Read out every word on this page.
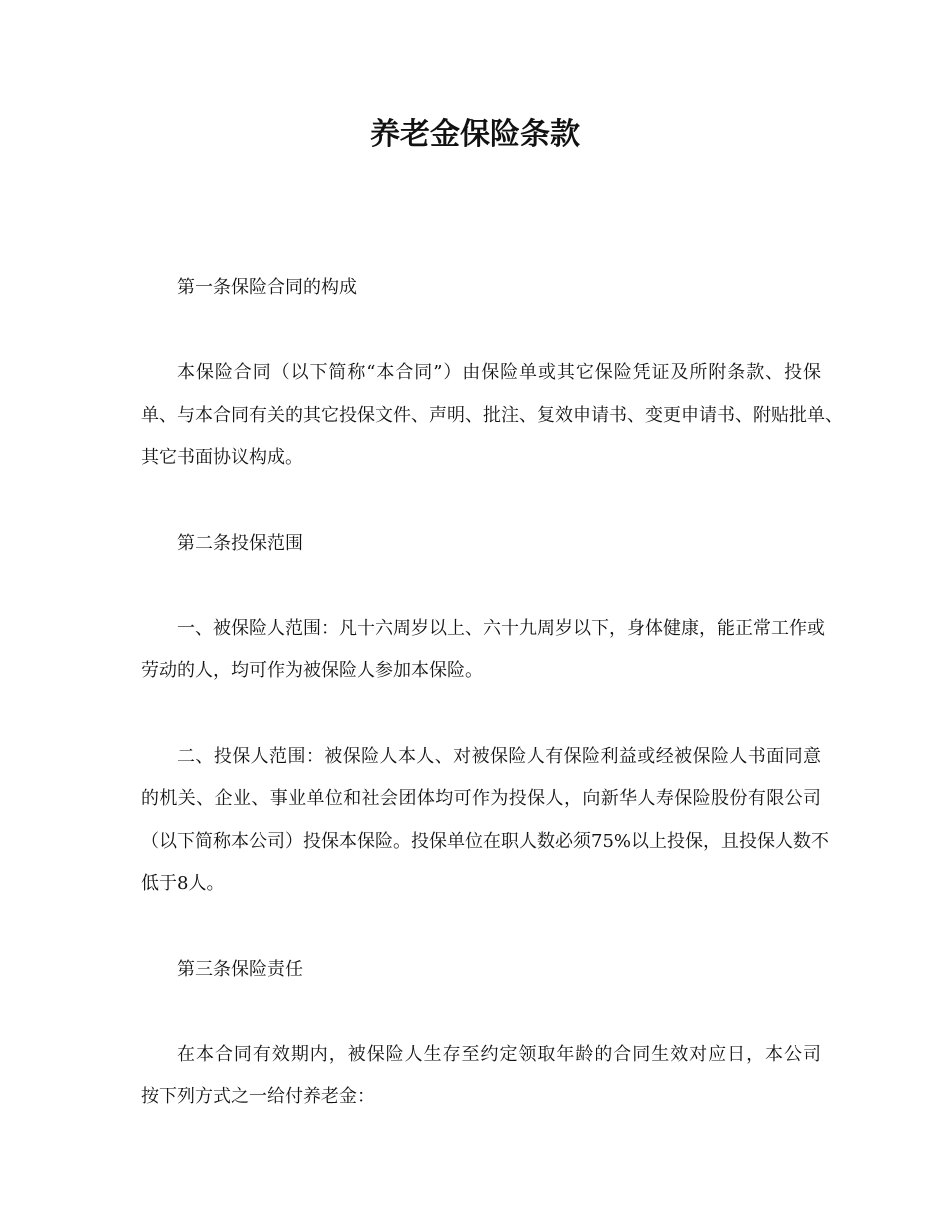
养老金保险条款
第一条保险合同的构成
本保险合同（以下简称“本合同”）由保险单或其它保险凭证及所附条款、投保
单、与本合同有关的其它投保文件、声明、批注、复效申请书、变更申请书、附贴批单、
其它书面协议构成。
第二条投保范围
一、被保险人范围：凡十六周岁以上、六十九周岁以下，身体健康，能正常工作或
劳动的人，均可作为被保险人参加本保险。
二、投保人范围：被保险人本人、对被保险人有保险利益或经被保险人书面同意
的机关、企业、事业单位和社会团体均可作为投保人，向新华人寿保险股份有限公司
（以下简称本公司）投保本保险。投保单位在职人数必须75%以上投保，且投保人数不
低于8人。
第三条保险责任
在本合同有效期内，被保险人生存至约定领取年龄的合同生效对应日，本公司
按下列方式之一给付养老金：
